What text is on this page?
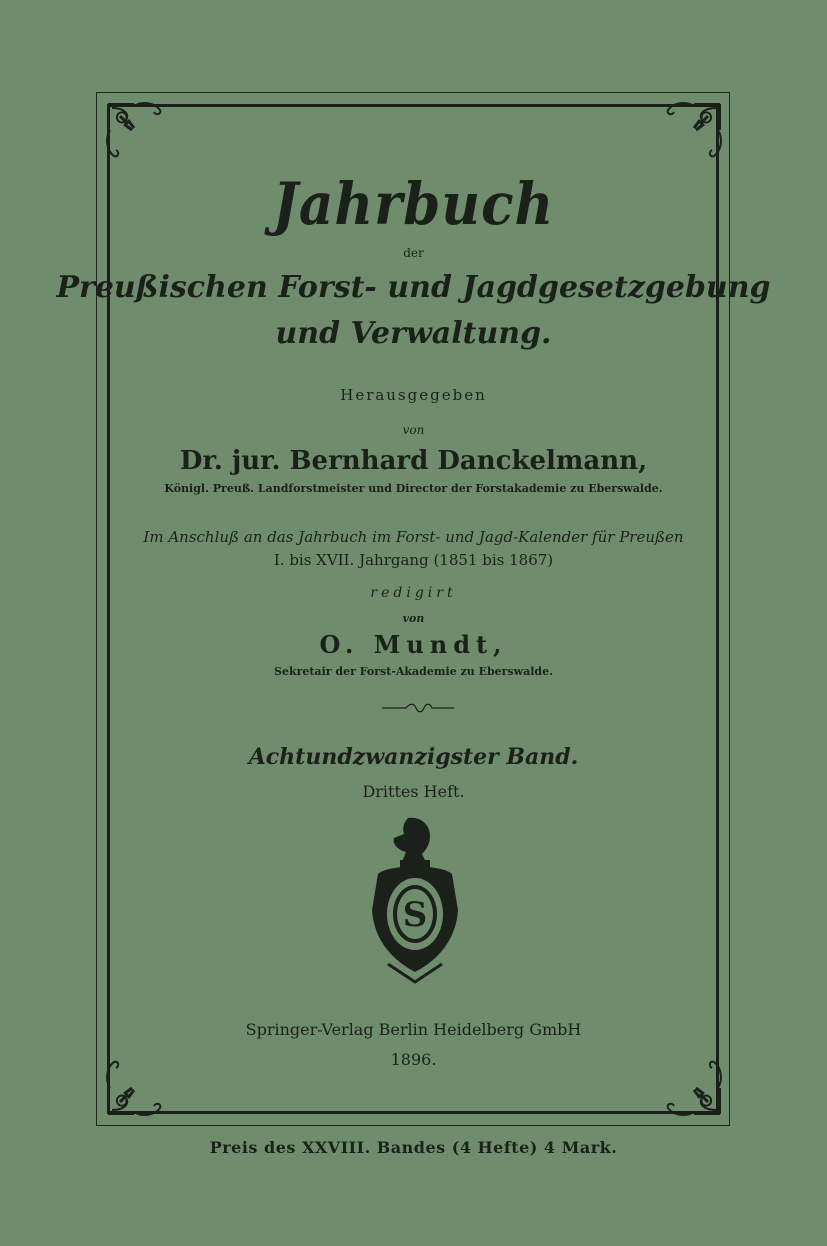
Jahrbuch
der
Preußischen Forst- und Jagdgesetzgebung
und Verwaltung.
Herausgegeben
von
Dr. jur. Bernhard Danckelmann,
Königl. Preuß. Landforstmeister und Director der Forstakademie zu Eberswalde.
Im Anschluß an das Jahrbuch im Forst- und Jagd-Kalender für Preußen
I. bis XVII. Jahrgang (1851 bis 1867)
redigirt
von
O. Mundt,
Sekretair der Forst-Akademie zu Eberswalde.
Achtundzwanzigster Band.
Drittes Heft.
S
Springer-Verlag Berlin Heidelberg GmbH
1896.
Preis des XXVIII. Bandes (4 Hefte) 4 Mark.
